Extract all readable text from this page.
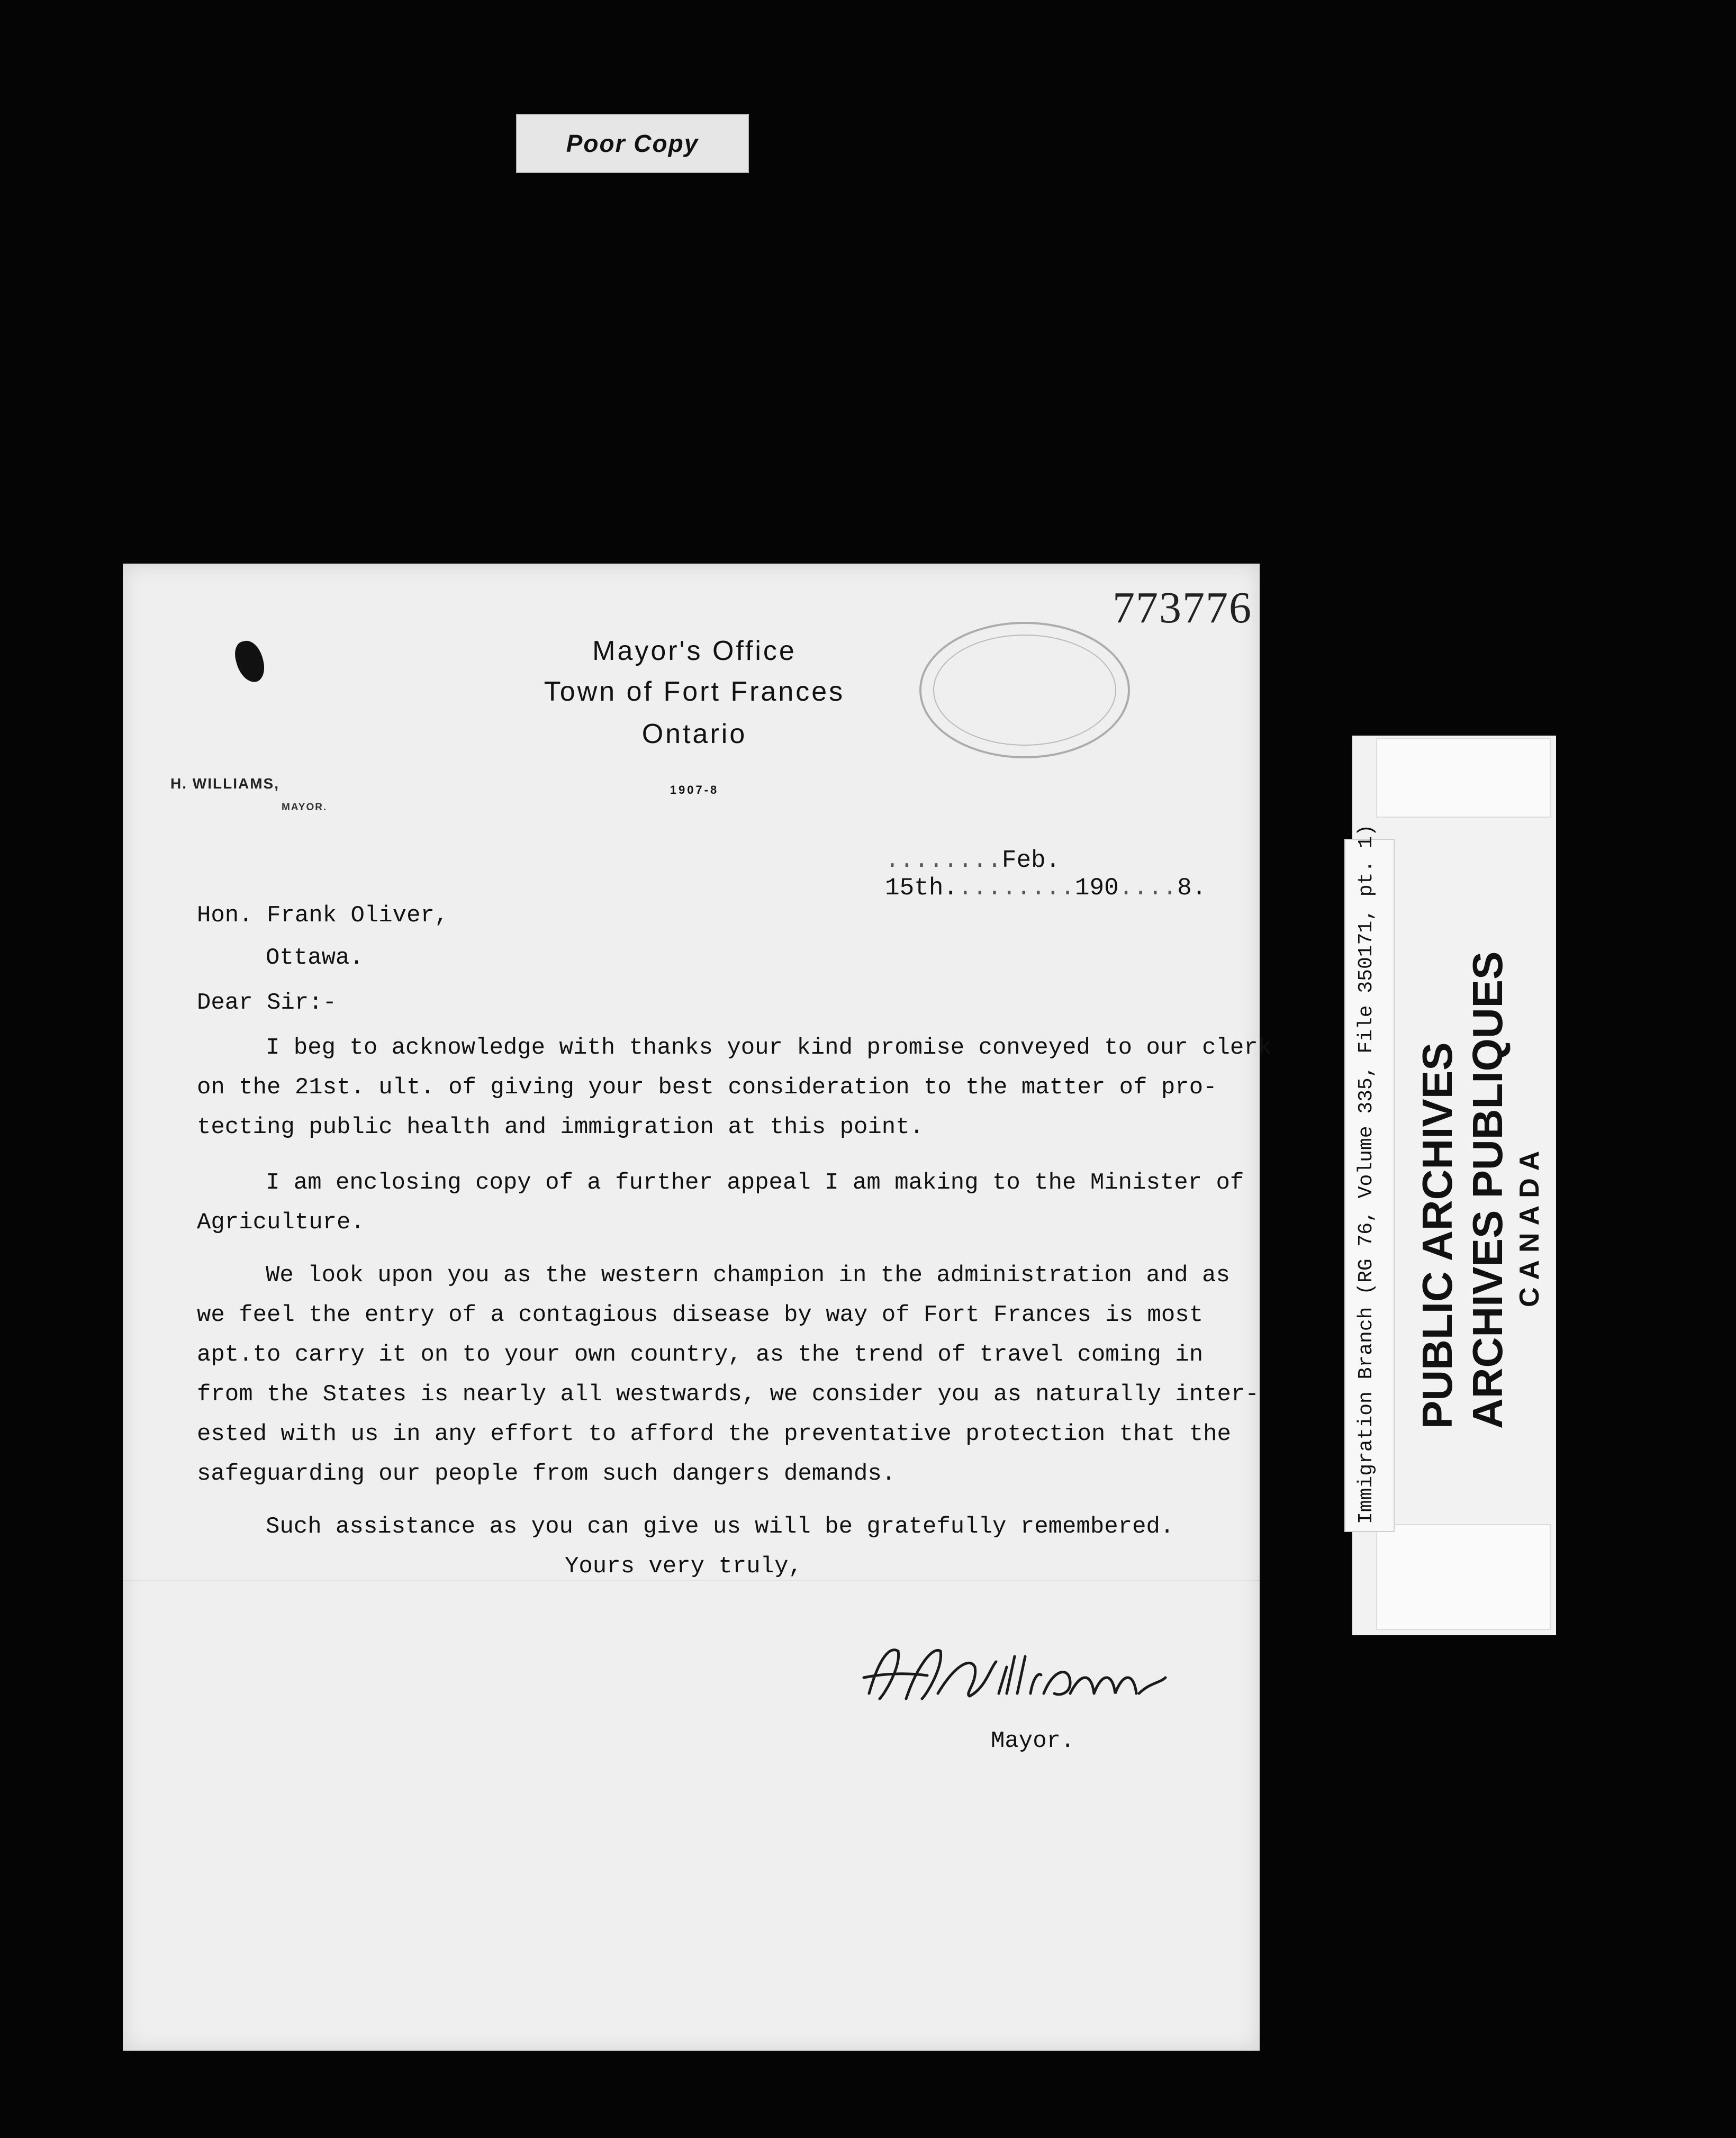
Poor Copy
773776
Mayor's Office
Town of Fort Frances
Ontario
1907-8
H. WILLIAMS,
MAYOR.
........Feb. 15th.........190....8.
Hon. Frank Oliver,
Ottawa.
Dear Sir:-
I beg to acknowledge with thanks your kind promise conveyed to our clerk
on the 21st. ult. of giving your best consideration to the matter of pro-
tecting public health and immigration at this point.
I am enclosing copy of a further appeal I am making to the Minister of
Agriculture.
We look upon you as the western champion in the administration and as
we feel the entry of a contagious disease by way of Fort Frances is most
apt.to carry it on to your own country, as the trend of travel coming in
from the States is nearly all westwards, we consider you as naturally inter-
ested with us in any effort to afford the preventative protection that the
safeguarding our people from such dangers demands.
Such assistance as you can give us will be gratefully remembered.
Yours very truly,
Mayor.
Immigration Branch (RG 76, Volume 335, File 350171, pt. 1) PUBLIC ARCHIVES ARCHIVES PUBLIQUES CANADA
